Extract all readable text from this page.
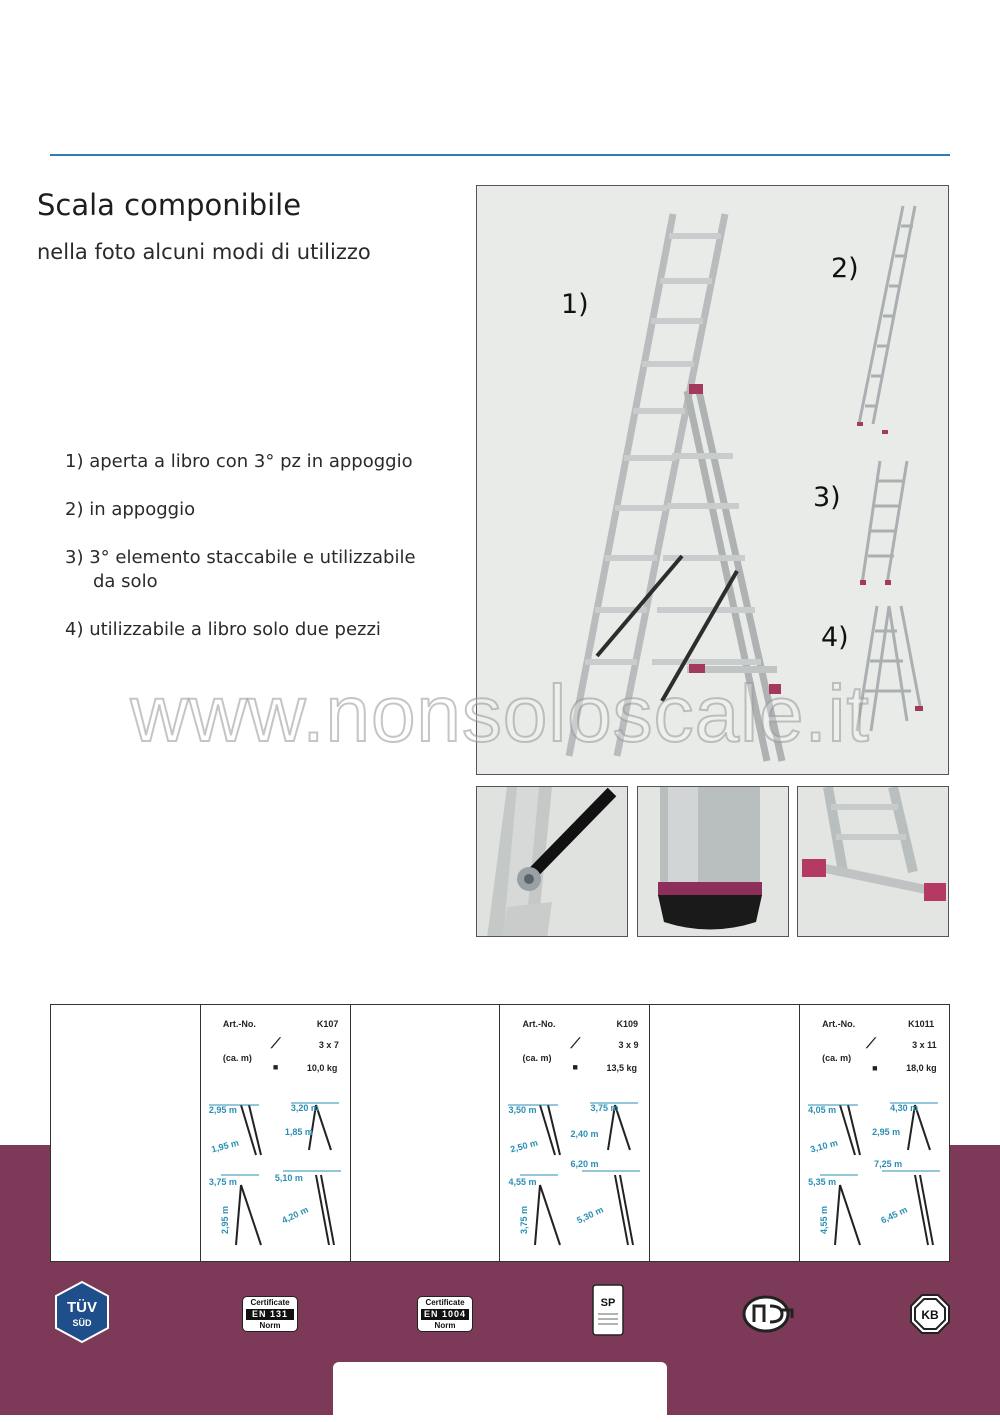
Scala componibile
nella foto alcuni modi di utilizzo
1) aperta a libro con 3° pz in appoggio
2) in appoggio
3) 3° elemento staccabile e utilizzabile
da solo
4) utilizzabile a libro solo due pezzi
1)
2)
3)
4)
www.nonsoloscale.it
Art.-No.	K107
⟋	3 x 7
(ca. m)
■	10,0 kg
2,95 m
1,95 m
3,20 m
1,85 m
3,75 m
2,95 m
5,10 m
4,20 m
Art.-No.	K109
⟋	3 x 9
(ca. m)
■	13,5 kg
3,50 m
2,50 m
3,75 m
2,40 m
4,55 m
3,75 m
6,20 m
5,30 m
Art.-No.	K1011
⟋	3 x 11
(ca. m)
■	18,0 kg
4,05 m
3,10 m
4,30 m
2,95 m
5,35 m
4,55 m
7,25 m
6,45 m
TÜV
SÜD
Certificate
EN 131
Norm
Certificate
EN 1004
Norm
SP
KB
